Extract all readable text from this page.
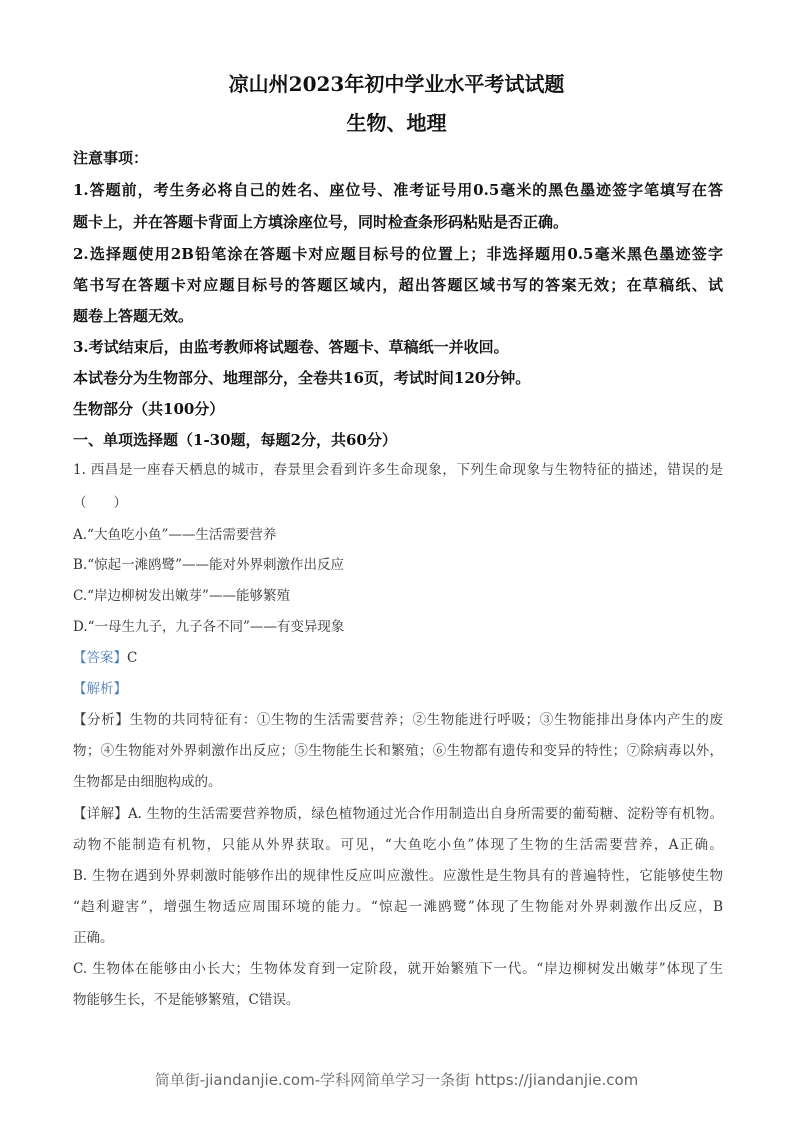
凉山州2023年初中学业水平考试试题
生物、地理
注意事项：
1.答题前，考生务必将自己的姓名、座位号、准考证号用0.5毫米的黑色墨迹签字笔填写在答
题卡上，并在答题卡背面上方填涂座位号，同时检查条形码粘贴是否正确。
2.选择题使用2B铅笔涂在答题卡对应题目标号的位置上；非选择题用0.5毫米黑色墨迹签字
笔书写在答题卡对应题目标号的答题区域内，超出答题区域书写的答案无效；在草稿纸、试
题卷上答题无效。
3.考试结束后，由监考教师将试题卷、答题卡、草稿纸一并收回。
本试卷分为生物部分、地理部分，全卷共16页，考试时间120分钟。
生物部分（共100分）
一、单项选择题（1-30题，每题2分，共60分）
1. 西昌是一座春天栖息的城市，春景里会看到许多生命现象，下列生命现象与生物特征的描述，错误的是
（　　）
A.“大鱼吃小鱼”——生活需要营养
B.“惊起一滩鸥鹭”——能对外界刺激作出反应
C.“岸边柳树发出嫩芽”——能够繁殖
D.“一母生九子，九子各不同”——有变异现象
【答案】C
【解析】
【分析】生物的共同特征有：①生物的生活需要营养；②生物能进行呼吸；③生物能排出身体内产生的废
物；④生物能对外界刺激作出反应；⑤生物能生长和繁殖；⑥生物都有遗传和变异的特性；⑦除病毒以外，
生物都是由细胞构成的。
【详解】A. 生物的生活需要营养物质，绿色植物通过光合作用制造出自身所需要的葡萄糖、淀粉等有机物。
动物不能制造有机物，只能从外界获取。可见，“大鱼吃小鱼”体现了生物的生活需要营养，A正确。
B. 生物在遇到外界刺激时能够作出的规律性反应叫应激性。应激性是生物具有的普遍特性，它能够使生物
“趋利避害”，增强生物适应周围环境的能力。“惊起一滩鸥鹭”体现了生物能对外界刺激作出反应，B
正确。
C. 生物体在能够由小长大；生物体发育到一定阶段，就开始繁殖下一代。“岸边柳树发出嫩芽”体现了生
物能够生长，不是能够繁殖，C错误。
简单街-jiandanjie.com-学科网简单学习一条街 https://jiandanjie.com
